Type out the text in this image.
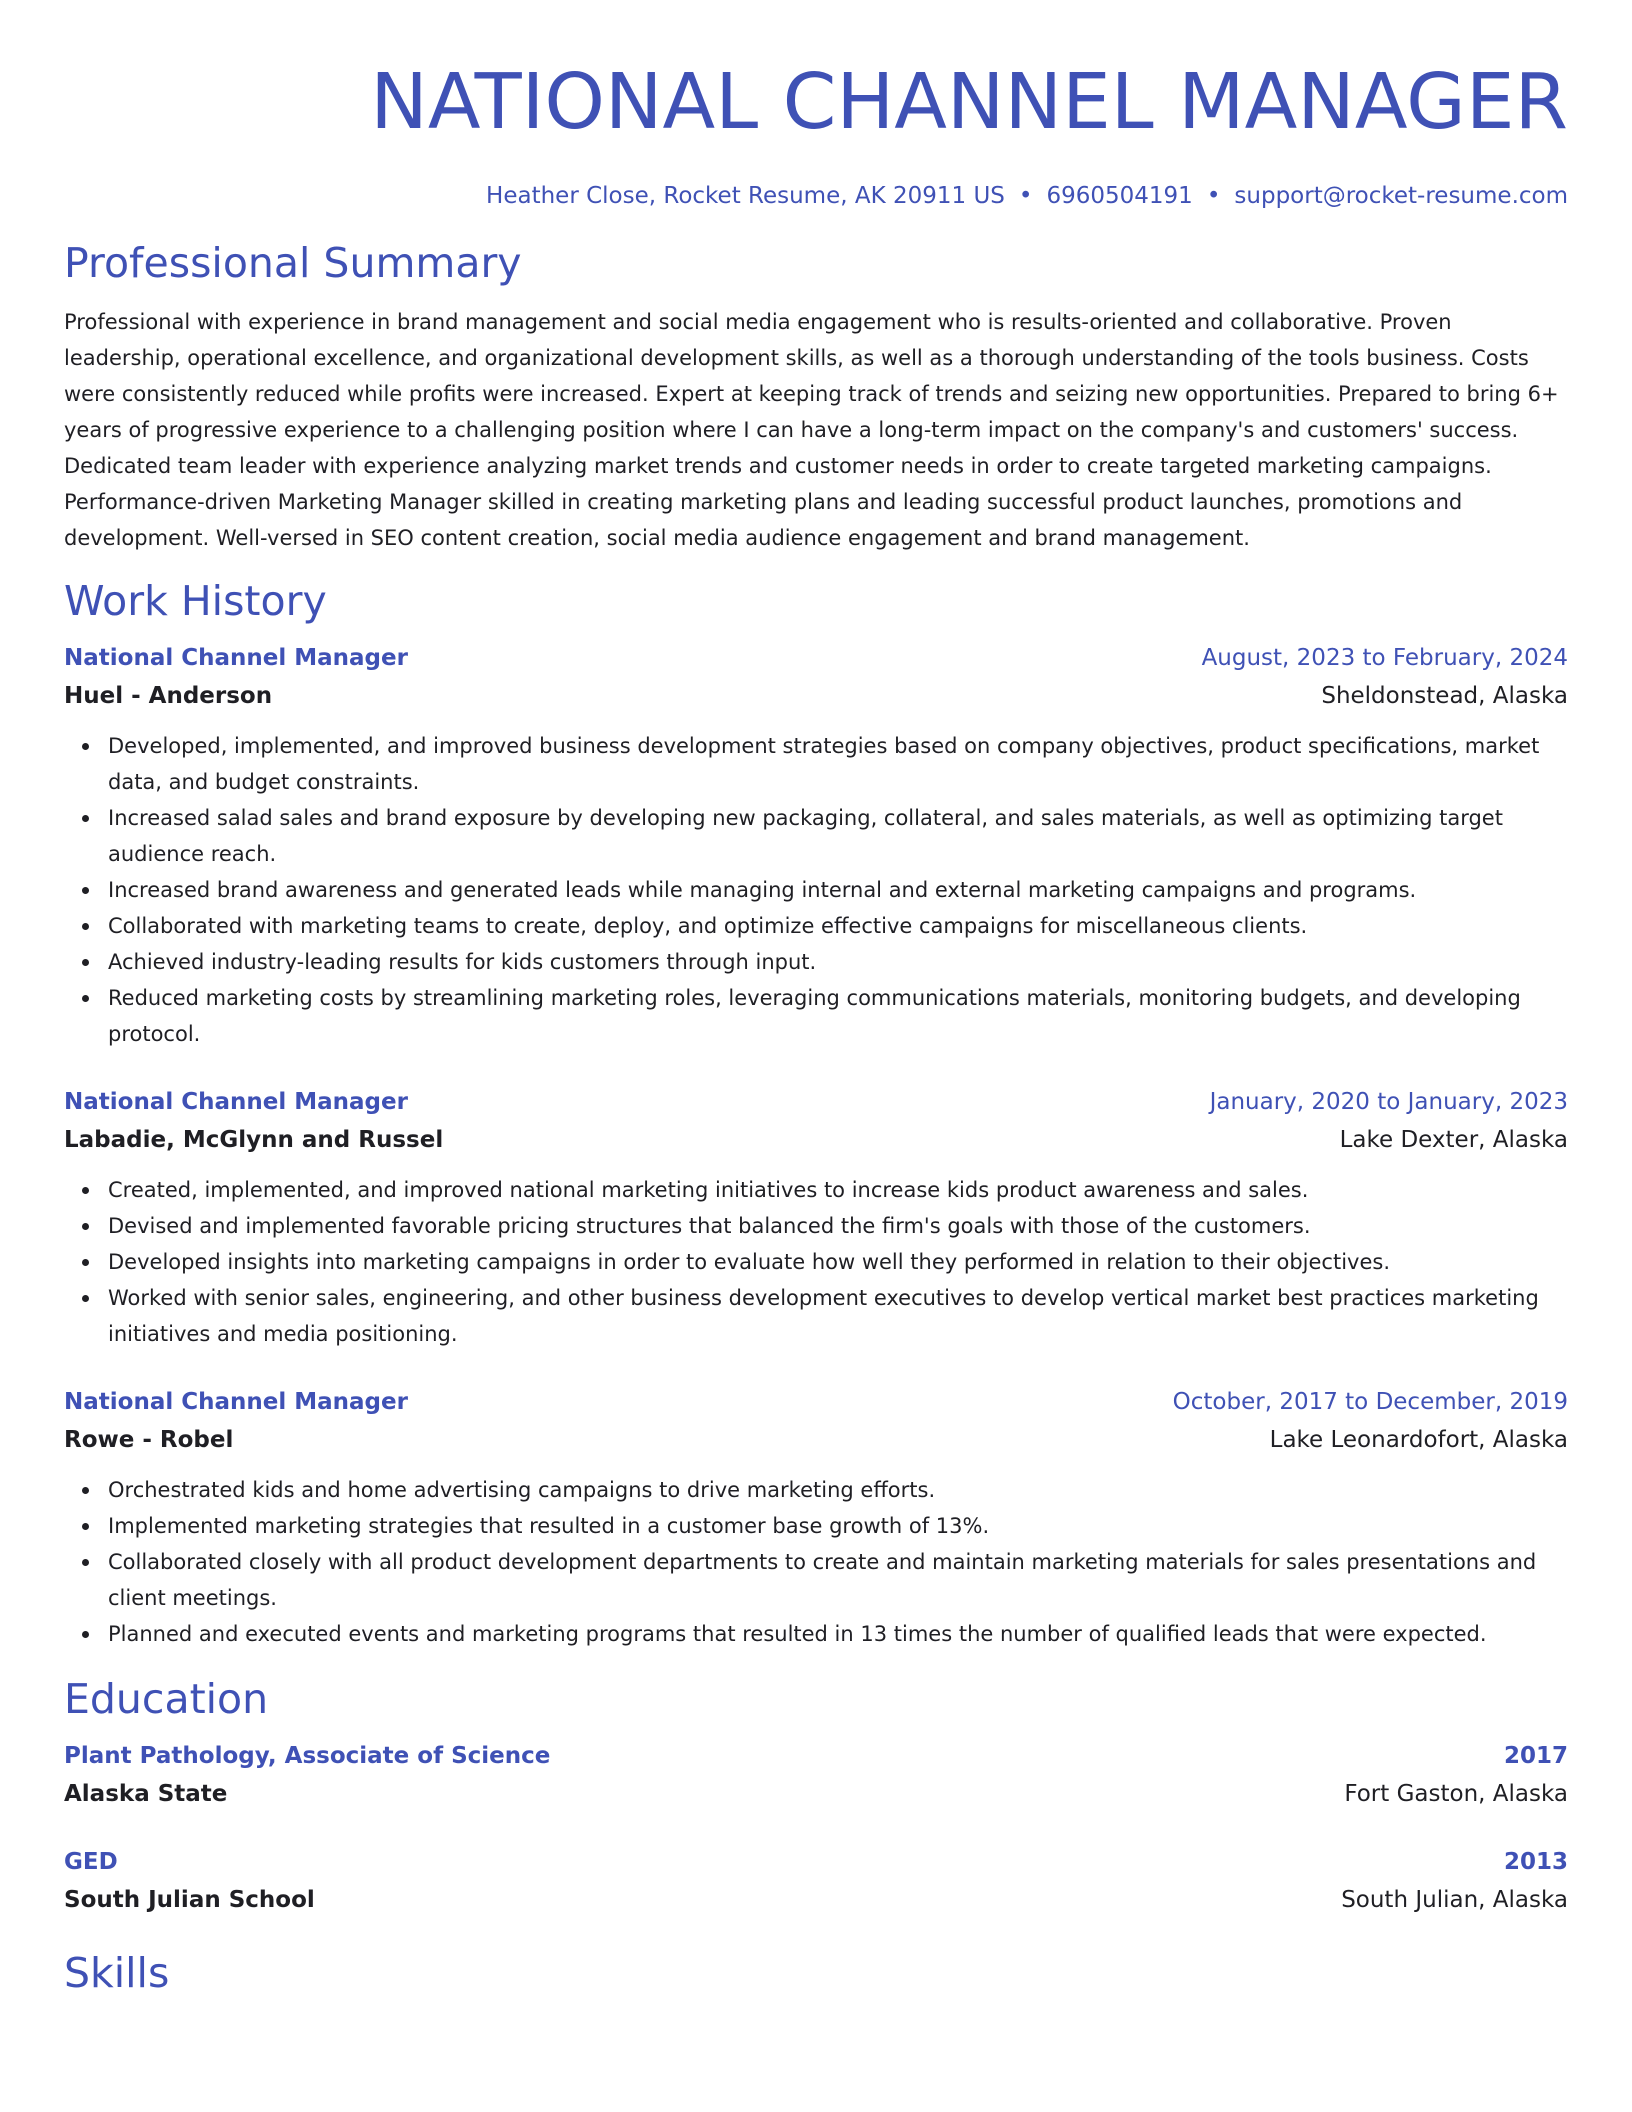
NATIONAL CHANNEL MANAGER
Heather Close, Rocket Resume, AK 20911 US • 6960504191 • support@rocket-resume.com
Professional Summary

Professional with experience in brand management and social media engagement who is results-oriented and collaborative. Proven leadership, operational excellence, and organizational development skills, as well as a thorough understanding of the tools business. Costs were consistently reduced while profits were increased. Expert at keeping track of trends and seizing new opportunities. Prepared to bring 6+ years of progressive experience to a challenging position where I can have a long-term impact on the company's and customers' success. Dedicated team leader with experience analyzing market trends and customer needs in order to create targeted marketing campaigns. Performance-driven Marketing Manager skilled in creating marketing plans and leading successful product launches, promotions and development. Well-versed in SEO content creation, social media audience engagement and brand management.

Work History
National Channel Manager	August, 2023 to February, 2024
Huel - Anderson	Sheldonstead, Alaska
Developed, implemented, and improved business development strategies based on company objectives, product specifications, market data, and budget constraints.
Increased salad sales and brand exposure by developing new packaging, collateral, and sales materials, as well as optimizing target audience reach.
Increased brand awareness and generated leads while managing internal and external marketing campaigns and programs.
Collaborated with marketing teams to create, deploy, and optimize effective campaigns for miscellaneous clients.
Achieved industry-leading results for kids customers through input.
Reduced marketing costs by streamlining marketing roles, leveraging communications materials, monitoring budgets, and developing protocol.
National Channel Manager	January, 2020 to January, 2023
Labadie, McGlynn and Russel	Lake Dexter, Alaska
Created, implemented, and improved national marketing initiatives to increase kids product awareness and sales.
Devised and implemented favorable pricing structures that balanced the firm's goals with those of the customers.
Developed insights into marketing campaigns in order to evaluate how well they performed in relation to their objectives.
Worked with senior sales, engineering, and other business development executives to develop vertical market best practices marketing initiatives and media positioning.
National Channel Manager	October, 2017 to December, 2019
Rowe - Robel	Lake Leonardofort, Alaska
Orchestrated kids and home advertising campaigns to drive marketing efforts.
Implemented marketing strategies that resulted in a customer base growth of 13%.
Collaborated closely with all product development departments to create and maintain marketing materials for sales presentations and client meetings.
Planned and executed events and marketing programs that resulted in 13 times the number of qualified leads that were expected.
Education
Plant Pathology, Associate of Science	2017
Alaska State	Fort Gaston, Alaska
GED	2013
South Julian School	South Julian, Alaska
Skills
